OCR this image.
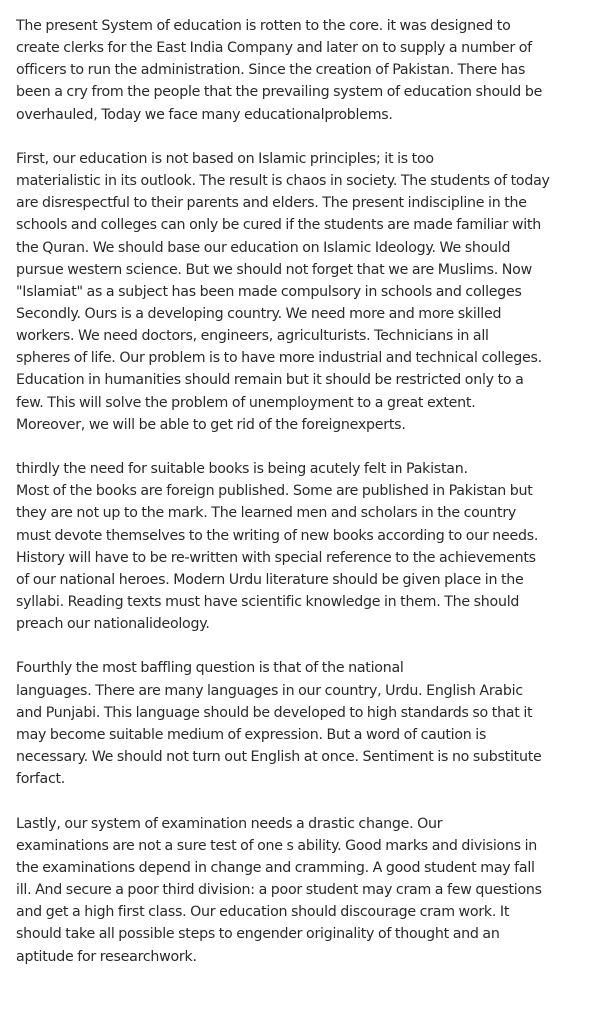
The present System of education is rotten to the core. it was designed to
create clerks for the East India Company and later on to supply a number of
officers to run the administration. Since the creation of Pakistan. There has
been a cry from the people that the prevailing system of education should be
overhauled, Today we face many educationalproblems.

First, our education is not based on Islamic principles; it is too
materialistic in its outlook. The result is chaos in society. The students of today
are disrespectful to their parents and elders. The present indiscipline in the
schools and colleges can only be cured if the students are made familiar with
the Quran. We should base our education on Islamic Ideology. We should
pursue western science. But we should not forget that we are Muslims. Now
"Islamiat" as a subject has been made compulsory in schools and colleges
Secondly. Ours is a developing country. We need more and more skilled
workers. We need doctors, engineers, agriculturists. Technicians in all
spheres of life. Our problem is to have more industrial and technical colleges.
Education in humanities should remain but it should be restricted only to a
few. This will solve the problem of unemployment to a great extent.
Moreover, we will be able to get rid of the foreignexperts.

thirdly the need for suitable books is being acutely felt in Pakistan.
Most of the books are foreign published. Some are published in Pakistan but
they are not up to the mark. The learned men and scholars in the country
must devote themselves to the writing of new books according to our needs.
History will have to be re-written with special reference to the achievements
of our national heroes. Modern Urdu literature should be given place in the
syllabi. Reading texts must have scientific knowledge in them. The should
preach our nationalideology.

Fourthly the most baffling question is that of the national
languages. There are many languages in our country, Urdu. English Arabic
and Punjabi. This language should be developed to high standards so that it
may become suitable medium of expression. But a word of caution is
necessary. We should not turn out English at once. Sentiment is no substitute
forfact.

Lastly, our system of examination needs a drastic change. Our
examinations are not a sure test of one s ability. Good marks and divisions in
the examinations depend in change and cramming. A good student may fall
ill. And secure a poor third division: a poor student may cram a few questions
and get a high first class. Our education should discourage cram work. It
should take all possible steps to engender originality of thought and an
aptitude for researchwork.
